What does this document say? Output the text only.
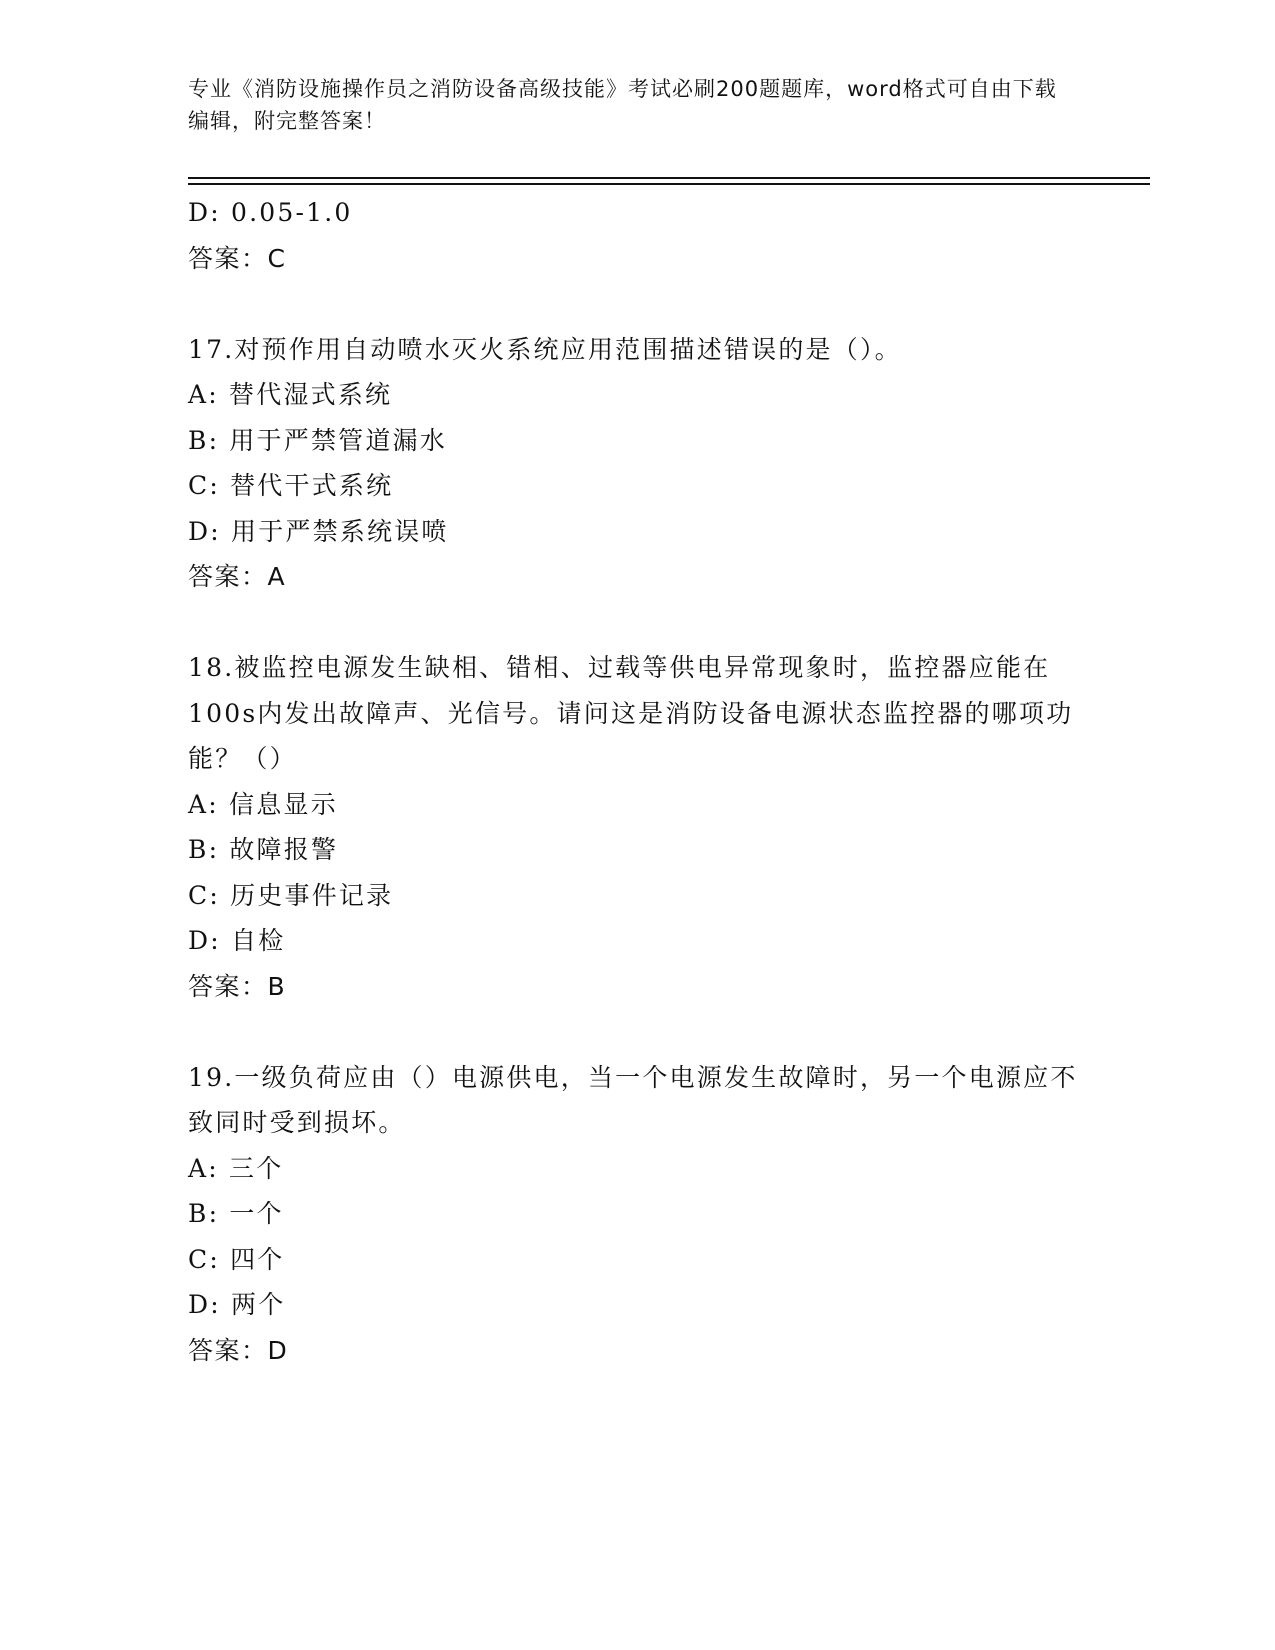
专业《消防设施操作员之消防设备高级技能》考试必刷200题题库，word格式可自由下载编辑，附完整答案！
D: 0.05-1.0
答案：C
17.对预作用自动喷水灭火系统应用范围描述错误的是（）。
A: 替代湿式系统
B: 用于严禁管道漏水
C: 替代干式系统
D: 用于严禁系统误喷
答案：A
18.被监控电源发生缺相、错相、过载等供电异常现象时，监控器应能在100s内发出故障声、光信号。请问这是消防设备电源状态监控器的哪项功能？（）
A: 信息显示
B: 故障报警
C: 历史事件记录
D: 自检
答案：B
19.一级负荷应由（）电源供电，当一个电源发生故障时，另一个电源应不致同时受到损坏。
A: 三个
B: 一个
C: 四个
D: 两个
答案：D
